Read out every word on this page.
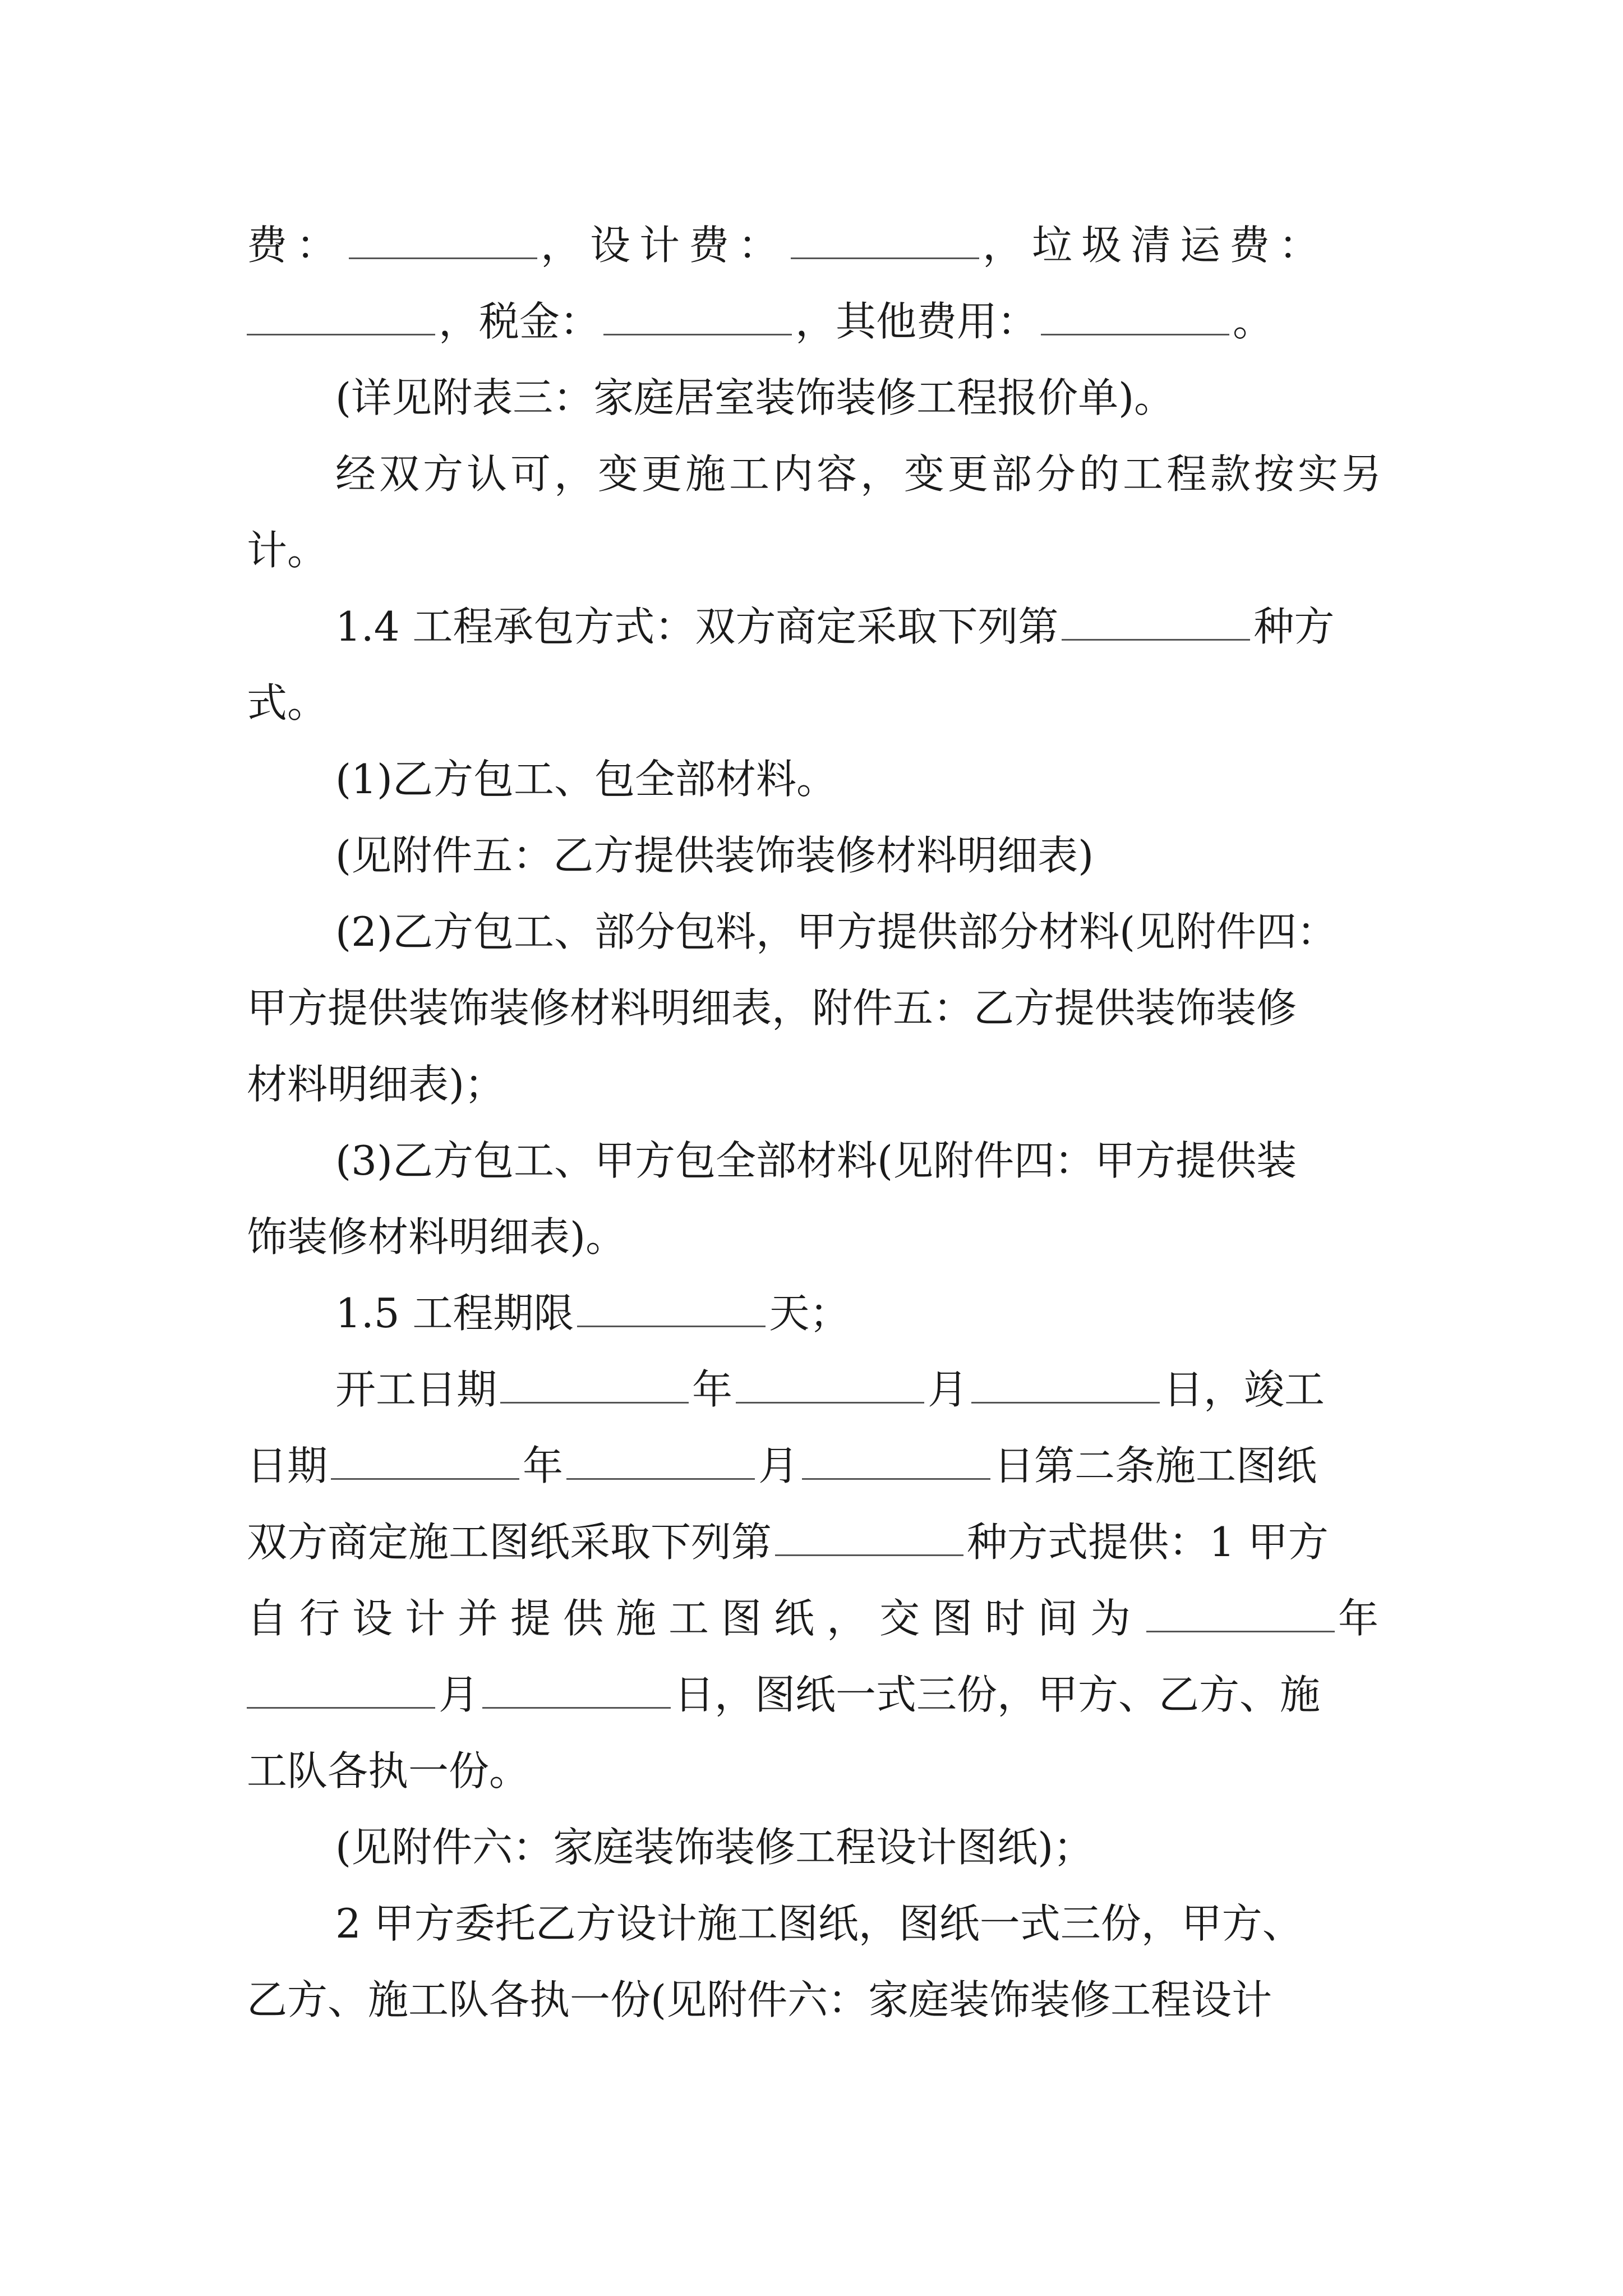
费：	，设计费：	，垃圾清运费：
，税金：	，其他费用：	。
(详见附表三：家庭居室装饰装修工程报价单)。
经双方认可，变更施工内容，变更部分的工程款按实另
计。
1.4 工程承包方式：双方商定采取下列第	种方
式。
(1)乙方包工、包全部材料。
(见附件五：乙方提供装饰装修材料明细表)
(2)乙方包工、部分包料，甲方提供部分材料(见附件四：
甲方提供装饰装修材料明细表，附件五：乙方提供装饰装修
材料明细表)；
(3)乙方包工、甲方包全部材料(见附件四：甲方提供装
饰装修材料明细表)。
1.5 工程期限	天；
开工日期	年	月	日，竣工
日期	年	月	日第二条施工图纸
双方商定施工图纸采取下列第	种方式提供：1 甲方
自行设计并提供施工图纸，交图时间为	年
月	日，图纸一式三份，甲方、乙方、施
工队各执一份。
(见附件六：家庭装饰装修工程设计图纸)；
2 甲方委托乙方设计施工图纸，图纸一式三份，甲方、
乙方、施工队各执一份(见附件六：家庭装饰装修工程设计
